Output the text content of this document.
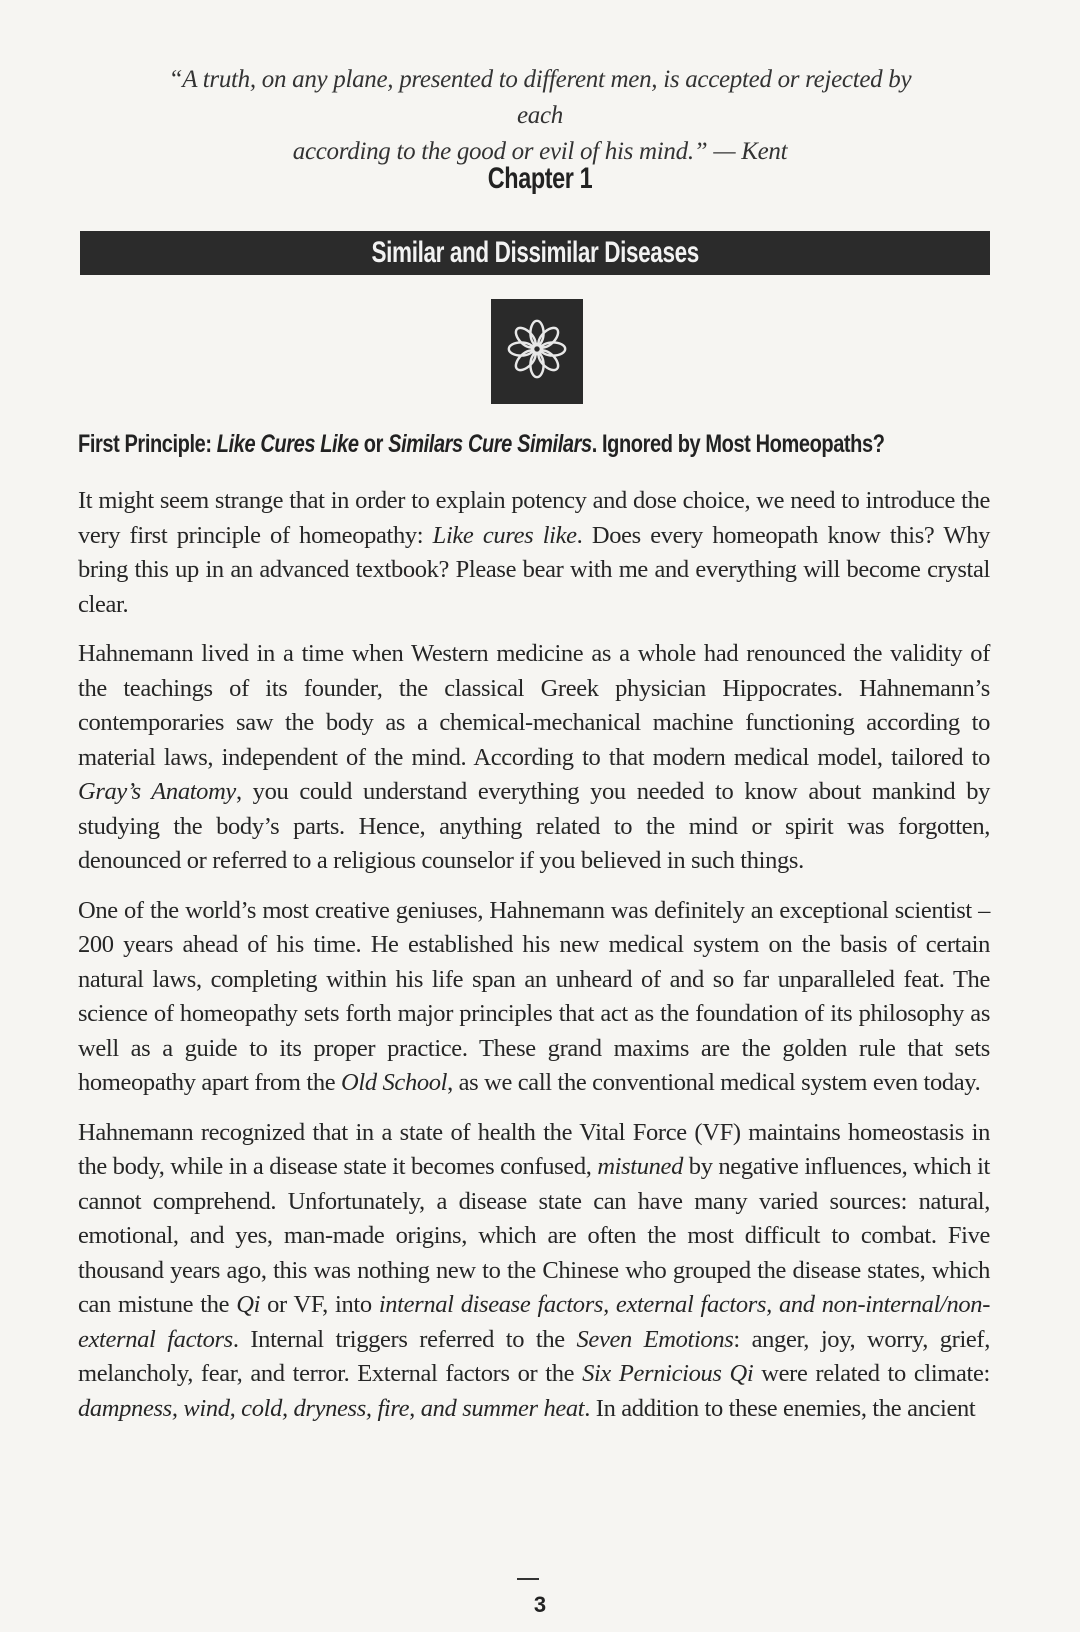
“A truth, on any plane, presented to different men, is accepted or rejected by each
according to the good or evil of his mind.” — Kent
Chapter 1
Similar and Dissimilar Diseases
First Principle: Like Cures Like or Similars Cure Similars. Ignored by Most Homeopaths?

It might seem strange that in order to explain potency and dose choice, we need to introduce the very first principle of homeopathy: Like cures like. Does every homeopath know this? Why bring this up in an advanced textbook? Please bear with me and everything will become crystal clear.

Hahnemann lived in a time when Western medicine as a whole had renounced the validity of the teachings of its founder, the classical Greek physician Hippocrates. Hahnemann’s contemporaries saw the body as a chemical-mechanical machine functioning according to material laws, independent of the mind. According to that modern medical model, tailored to Gray’s Anatomy, you could understand everything you needed to know about mankind by studying the body’s parts. Hence, anything related to the mind or spirit was forgotten, denounced or referred to a religious counselor if you believed in such things.

One of the world’s most creative geniuses, Hahnemann was definitely an exceptional scientist – 200 years ahead of his time. He established his new medical system on the basis of certain natural laws, completing within his life span an unheard of and so far unparalleled feat. The science of homeopathy sets forth major principles that act as the foundation of its philosophy as well as a guide to its proper practice. These grand maxims are the golden rule that sets homeopathy apart from the Old School, as we call the conventional medical system even today.

Hahnemann recognized that in a state of health the Vital Force (VF) maintains homeostasis in the body, while in a disease state it becomes confused, mistuned by negative influences, which it cannot comprehend. Unfortunately, a disease state can have many varied sources: natural, emotional, and yes, man-made origins, which are often the most difficult to combat. Five thousand years ago, this was nothing new to the Chinese who grouped the disease states, which can mistune the Qi or VF, into internal disease factors, external factors, and non-internal/non-external factors. Internal triggers referred to the Seven Emotions: anger, joy, worry, grief, melancholy, fear, and terror. External factors or the Six Pernicious Qi were related to climate: dampness, wind, cold, dryness, fire, and summer heat. In addition to these enemies, the ancient

3
